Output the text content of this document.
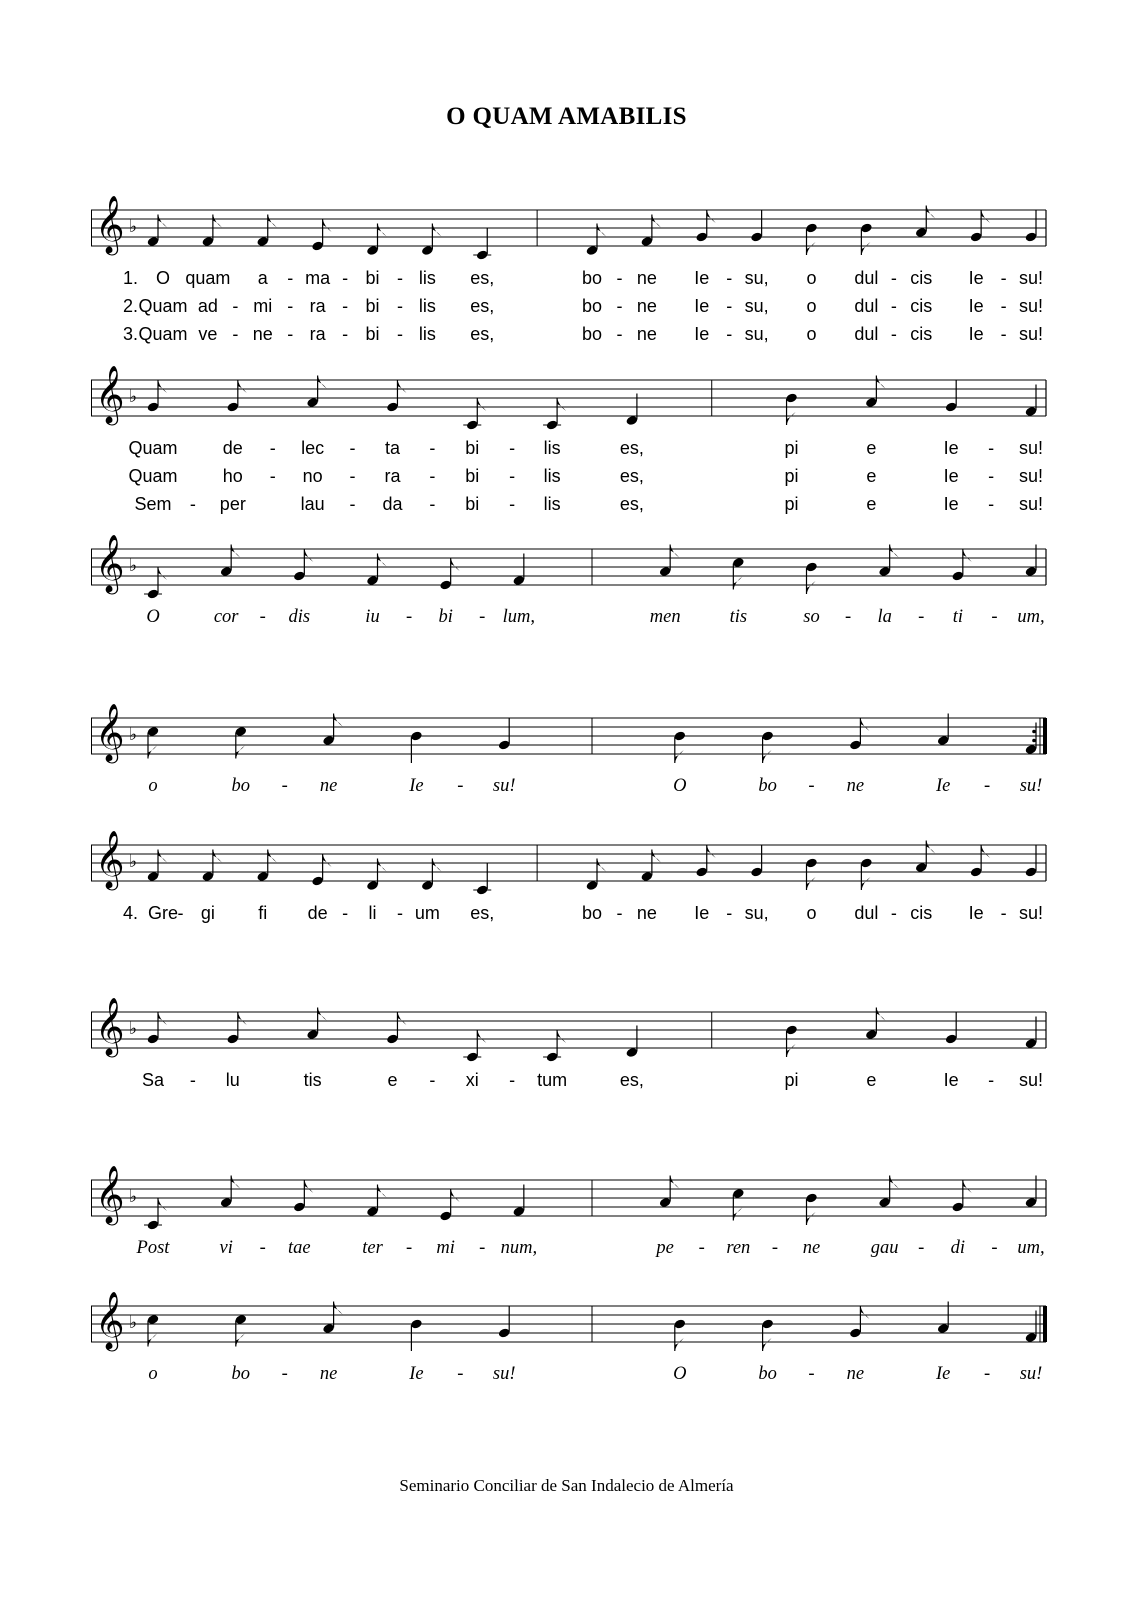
O QUAM AMABILIS
𝄞 ♭
1. O quam a - ma - bi - lis es,	bo - ne Ie - su, o dul - cis Ie - su!
2. Quam ad - mi - ra - bi - lis es,	bo - ne Ie - su, o dul - cis Ie - su!
3. Quam ve - ne - ra - bi - lis es,	bo - ne Ie - su, o dul - cis Ie - su!
𝄞 ♭
Quam	de - lec - ta - bi - lis	es,	pi	e	Ie - su!
Quam	ho - no - ra - bi - lis	es,	pi	e	Ie - su!
Sem - per	lau - da - bi - lis	es,	pi	e	Ie - su!
𝄞 ♭
O	cor - dis	iu - bi - lum,	men	tis	so - la - ti - um,
𝄞 ♭
o	bo - ne	Ie - su!	O	bo - ne	Ie - su!
𝄞 ♭
4. Gre - gi fi de - li - um es,	bo - ne Ie - su, o dul - cis Ie - su!
𝄞 ♭
Sa - lu	tis	e - xi - tum	es,	pi	e	Ie - su!
𝄞 ♭
Post	vi - tae	ter - mi - num,	pe - ren - ne	gau - di - um,
𝄞 ♭
o	bo - ne	Ie - su!	O	bo - ne	Ie - su!
Seminario Conciliar de San Indalecio de Almería
